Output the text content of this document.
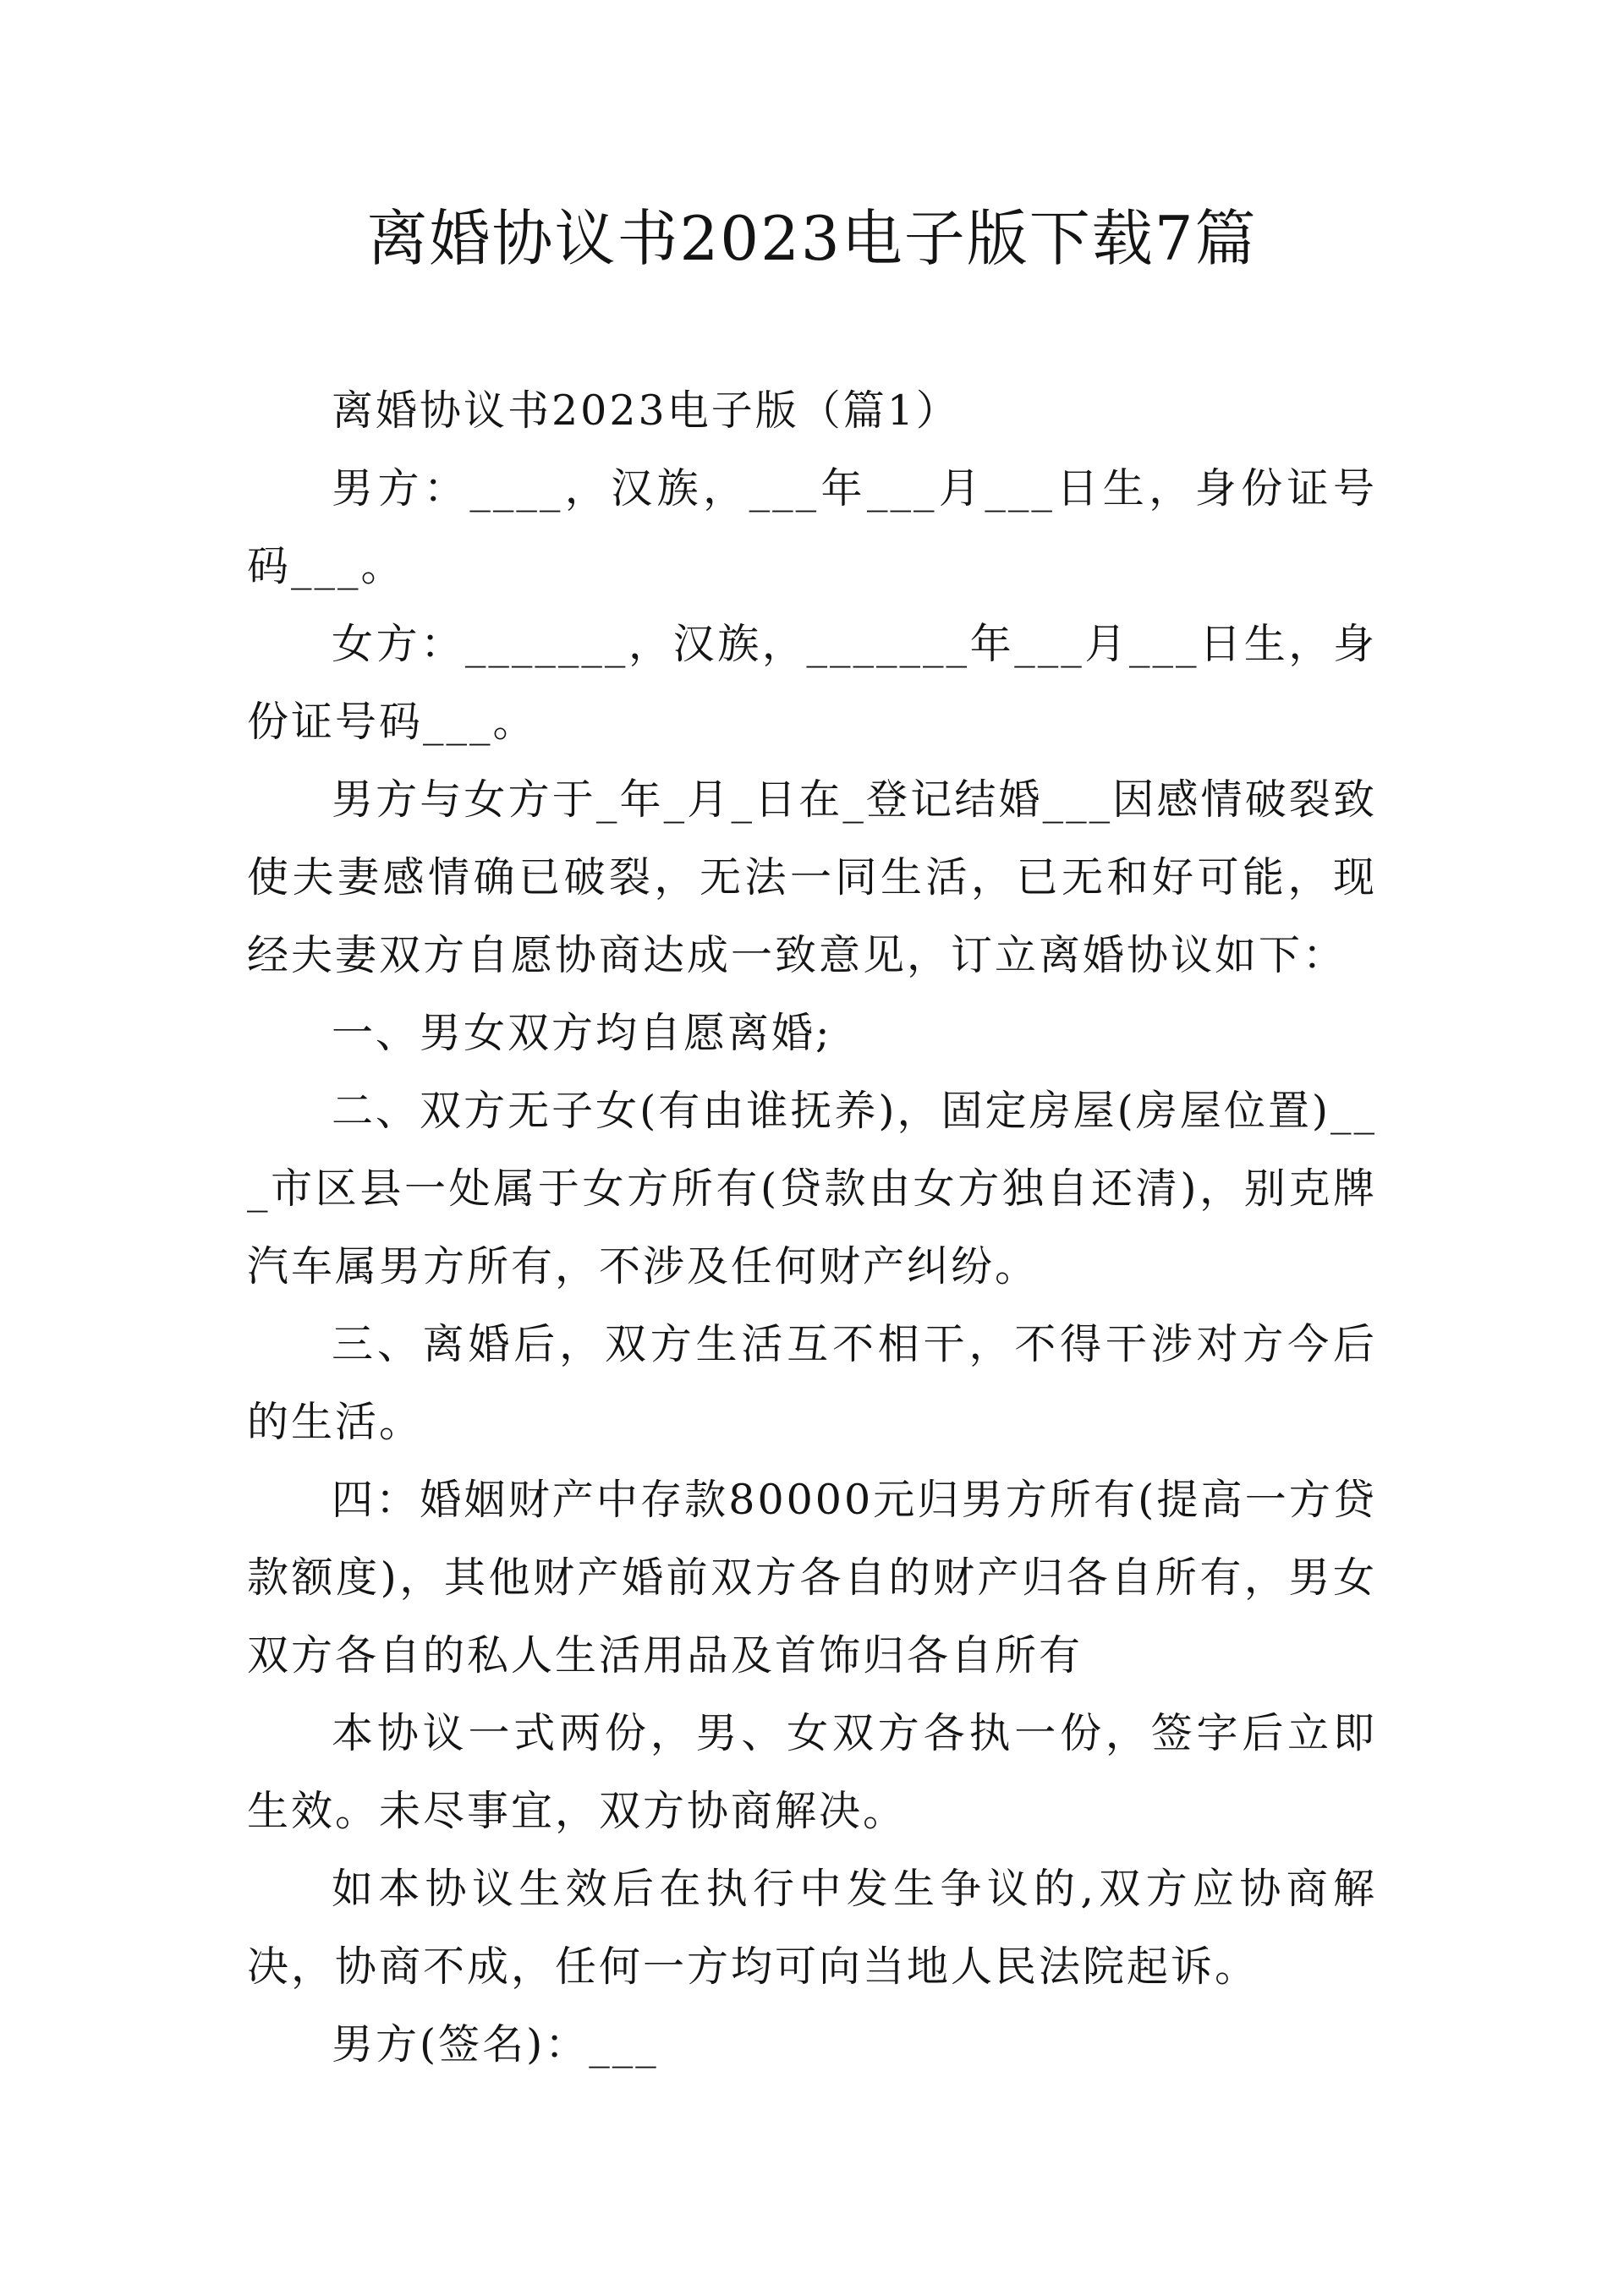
离婚协议书2023电子版下载7篇

离婚协议书2023电子版（篇1）

男方：____，汉族，___年___月___日生，身份证号码___。

女方：_______，汉族，_______年___月___日生，身份证号码___。

男方与女方于_年_月_日在_登记结婚___因感情破裂致使夫妻感情确已破裂，无法一同生活，已无和好可能，现经夫妻双方自愿协商达成一致意见，订立离婚协议如下：

一、男女双方均自愿离婚;

二、双方无子女(有由谁抚养)，固定房屋(房屋位置)___市区县一处属于女方所有(贷款由女方独自还清)，别克牌汽车属男方所有，不涉及任何财产纠纷。

三、离婚后，双方生活互不相干，不得干涉对方今后的生活。

四：婚姻财产中存款80000元归男方所有(提高一方贷款额度)，其他财产婚前双方各自的财产归各自所有，男女双方各自的私人生活用品及首饰归各自所有

本协议一式两份，男、女双方各执一份，签字后立即生效。未尽事宜，双方协商解决。

如本协议生效后在执行中发生争议的,双方应协商解决，协商不成，任何一方均可向当地人民法院起诉。

男方(签名)：___
